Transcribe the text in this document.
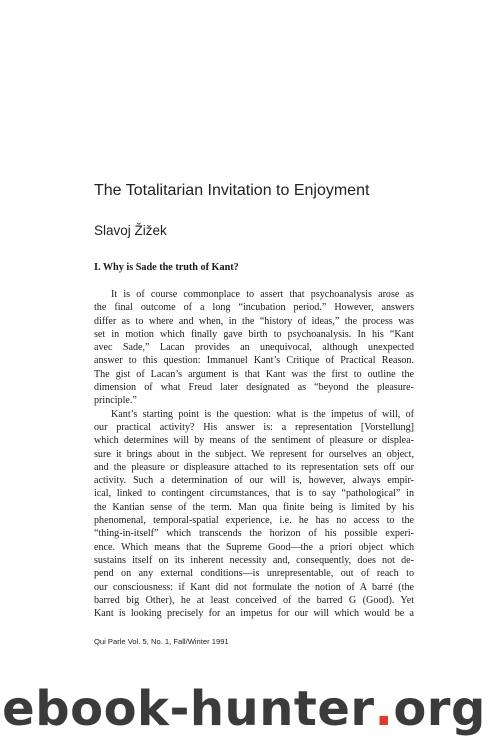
The Totalitarian Invitation to Enjoyment
Slavoj Žižek
I. Why is Sade the truth of Kant?
It is of course commonplace to assert that psychoanalysis arose as
the final outcome of a long “incubation period.” However, answers
differ as to where and when, in the “history of ideas,” the process was
set in motion which finally gave birth to psychoanalysis. In his “Kant
avec Sade,” Lacan provides an unequivocal, although unexpected
answer to this question: Immanuel Kant’s Critique of Practical Reason.
The gist of Lacan’s argument is that Kant was the first to outline the
dimension of what Freud later designated as “beyond the pleasure-
principle.”
Kant’s starting point is the question: what is the impetus of will, of
our practical activity? His answer is: a representation [Vorstellung]
which determines will by means of the sentiment of pleasure or displea-
sure it brings about in the subject. We represent for ourselves an object,
and the pleasure or displeasure attached to its representation sets off our
activity. Such a determination of our will is, however, always empir-
ical, linked to contingent circumstances, that is to say “pathological” in
the Kantian sense of the term. Man qua finite being is limited by his
phenomenal, temporal-spatial experience, i.e. he has no access to the
“thing-in-itself” which transcends the horizon of his possible experi-
ence. Which means that the Supreme Good—the a priori object which
sustains itself on its inherent necessity and, consequently, does not de-
pend on any external conditions—is unrepresentable, out of reach to
our consciousness: if Kant did not formulate the notion of A barré (the
barred big Other), he at least conceived of the barred G (Good). Yet
Kant is looking precisely for an impetus for our will which would be a
Qui Parle Vol. 5, No. 1, Fall/Winter 1991
ebook-hunter . org
